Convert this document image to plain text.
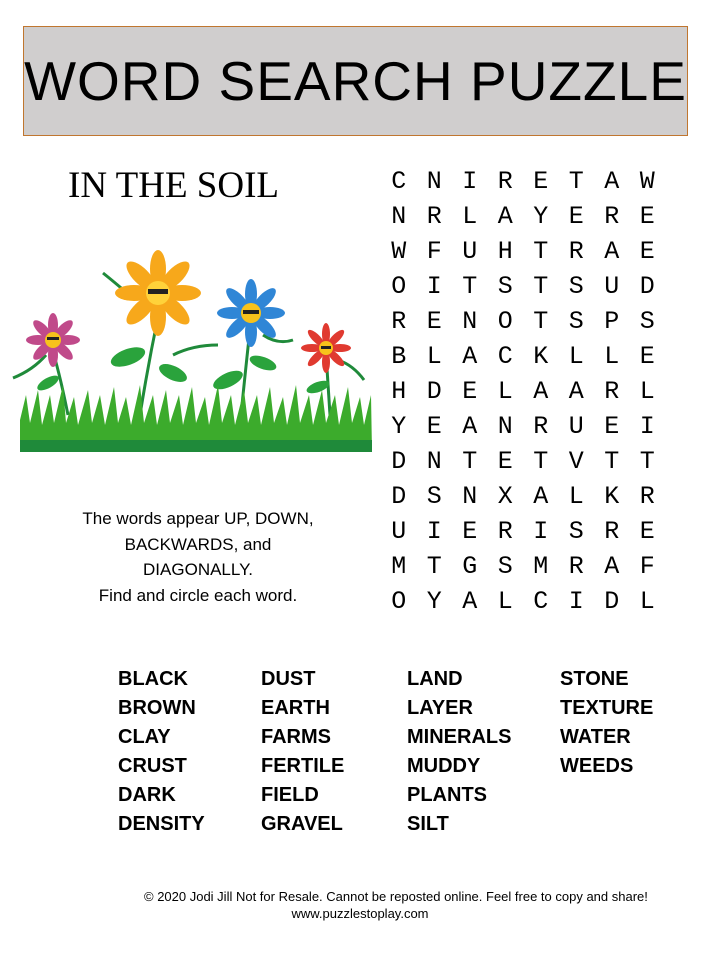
WORD SEARCH PUZZLE
IN THE SOIL
The words appear UP, DOWN,
BACKWARDS, and
DIAGONALLY.
Find and circle each word.
C N I R E T A W
N R L A Y E R E
W F U H T R A E
O I T S T S U D
R E N O T S P S
B L A C K L L E
H D E L A A R L
Y E A N R U E I
D N T E T V T T
D S N X A L K R
U I E R I S R E
M T G S M R A F
O Y A L C I D L
BLACK
BROWN
CLAY
CRUST
DARK
DENSITY
DUST
EARTH
FARMS
FERTILE
FIELD
GRAVEL
LAND
LAYER
MINERALS
MUDDY
PLANTS
SILT
STONE
TEXTURE
WATER
WEEDS
© 2020 Jodi Jill Not for Resale. Cannot be reposted online. Feel free to copy and share!
www.puzzlestoplay.com
